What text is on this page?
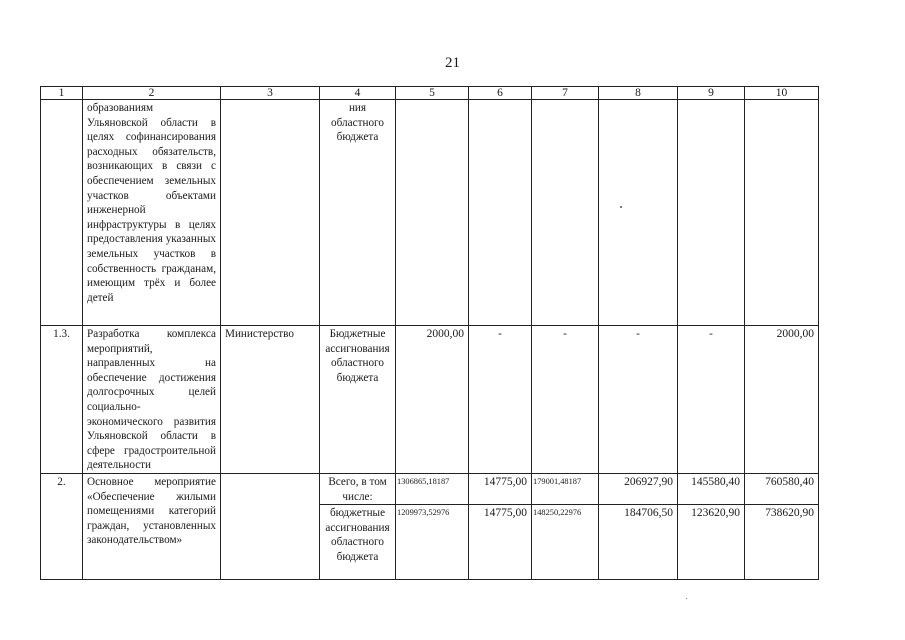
21
1	2	3	4	5	6	7	8	9	10
	образованиям Ульяновской области в целях софинансирования расходных обязательств, возникающих в связи с обеспечением земельных участков объектами инженерной инфраструктуры в целях предоставления указанных земельных участков в собственность гражданам, имеющим трёх и более детей		ния областного бюджета						
1.3.	Разработка комплекса мероприятий, направленных на обеспечение достижения долгосрочных целей социально-экономического развития Ульяновской области в сфере градостроительной деятельности	Министерство	Бюджетные ассигнования областного бюджета	2000,00	-	-	-	-	2000,00
2.	Основное мероприятие «Обеспечение жилыми помещениями категорий граждан, установленных законодательством»		Всего, в том числе:	1306865,18187	14775,00	179001,48187	206927,90	145580,40	760580,40
			бюджетные ассигнования областного бюджета	1209973,52976	14775,00	148250,22976	184706,50	123620,90	738620,90
